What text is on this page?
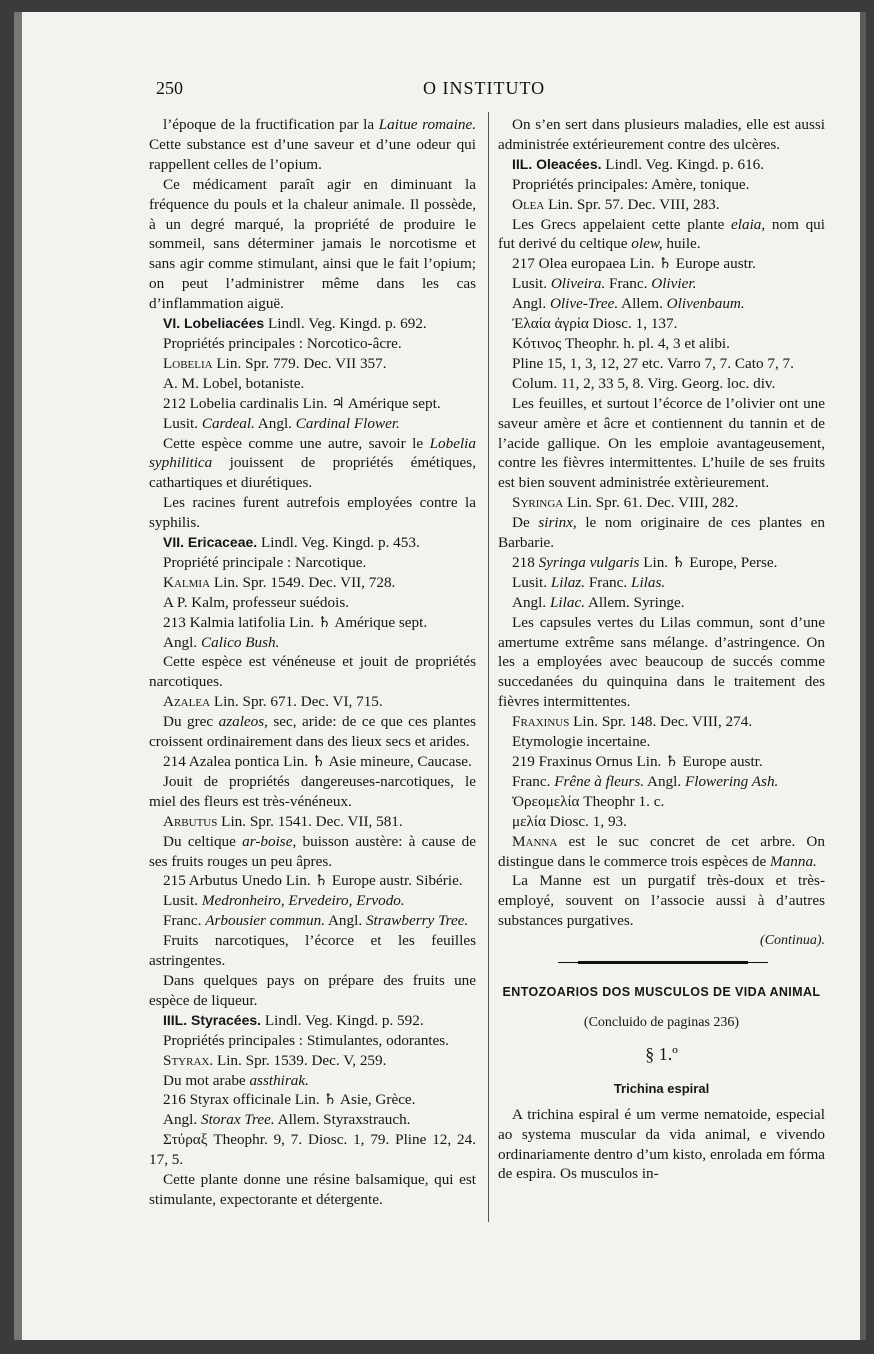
250	O INSTITUTO

l’époque de la fructification par la Laitue romaine. Cette substance est d’une saveur et d’une odeur qui rappellent celles de l’opium.

Ce médicament paraît agir en diminuant la fréquence du pouls et la chaleur animale. Il possède, à un degré marqué, la propriété de produire le sommeil, sans déterminer jamais le norcotisme et sans agir comme stimulant, ainsi que le fait l’opium; on peut l’administrer même dans les cas d’inflammation aiguë.

VI. Lobeliacées Lindl. Veg. Kingd. p. 692.

Propriétés principales : Norcotico-âcre.

Lobelia Lin. Spr. 779. Dec. VII 357.

A. M. Lobel, botaniste.

212 Lobelia cardinalis Lin. ♃ Amérique sept.

Lusit. Cardeal. Angl. Cardinal Flower.

Cette espèce comme une autre, savoir le Lobelia syphilitica jouissent de propriétés émétiques, cathartiques et diurétiques.

Les racines furent autrefois employées contre la syphilis.

VII. Ericaceae. Lindl. Veg. Kingd. p. 453.

Propriété principale : Narcotique.

Kalmia Lin. Spr. 1549. Dec. VII, 728.

A P. Kalm, professeur suédois.

213 Kalmia latifolia Lin. ♄ Amérique sept.

Angl. Calico Bush.

Cette espèce est vénéneuse et jouit de propriétés narcotiques.

Azalea Lin. Spr. 671. Dec. VI, 715.

Du grec azaleos, sec, aride: de ce que ces plantes croissent ordinairement dans des lieux secs et arides.

214 Azalea pontica Lin. ♄ Asie mineure, Caucase.

Jouit de propriétés dangereuses-narcotiques, le miel des fleurs est très-vénéneux.

Arbutus Lin. Spr. 1541. Dec. VII, 581.

Du celtique ar-boise, buisson austère: à cause de ses fruits rouges un peu âpres.

215 Arbutus Unedo Lin. ♄ Europe austr. Sibérie.

Lusit. Medronheiro, Ervedeiro, Ervodo.

Franc. Arbousier commun. Angl. Strawberry Tree.

Fruits narcotiques, l’écorce et les feuilles astringentes.

Dans quelques pays on prépare des fruits une espèce de liqueur.

IIIL. Styracées. Lindl. Veg. Kingd. p. 592.

Propriétés principales : Stimulantes, odorantes.

Styrax. Lin. Spr. 1539. Dec. V, 259.

Du mot arabe assthirak.

216 Styrax officinale Lin. ♄ Asie, Grèce.

Angl. Storax Tree. Allem. Styraxstrauch.

Στύραξ Theophr. 9, 7. Diosc. 1, 79. Pline 12, 24. 17, 5.

Cette plante donne une résine balsamique, qui est stimulante, expectorante et détergente.

On s’en sert dans plusieurs maladies, elle est aussi administrée extérieurement contre des ulcères.

IIL. Oleacées. Lindl. Veg. Kingd. p. 616.

Propriétés principales: Amère, tonique.

Olea Lin. Spr. 57. Dec. VIII, 283.

Les Grecs appelaient cette plante elaia, nom qui fut derivé du celtique olew, huile.

217 Olea europaea Lin. ♄ Europe austr.

Lusit. Oliveira. Franc. Olivier.

Angl. Olive-Tree. Allem. Olivenbaum.

Ἐλαία ἀγρία Diosc. 1, 137.

Κότινος Theophr. h. pl. 4, 3 et alibi.

Pline 15, 1, 3, 12, 27 etc. Varro 7, 7. Cato 7, 7.

Colum. 11, 2, 33 5, 8. Virg. Georg. loc. div.

Les feuilles, et surtout l’écorce de l’olivier ont une saveur amère et âcre et contiennent du tannin et de l’acide gallique. On les emploie avantageusement, contre les fièvres intermittentes. L’huile de ses fruits est bien souvent administrée extèrieurement.

Syringa Lin. Spr. 61. Dec. VIII, 282.

De sirinx, le nom originaire de ces plantes en Barbarie.

218 Syringa vulgaris Lin. ♄ Europe, Perse.

Lusit. Lilaz. Franc. Lilas.

Angl. Lilac. Allem. Syringe.

Les capsules vertes du Lilas commun, sont d’une amertume extrême sans mélange. d’astringence. On les a employées avec beaucoup de succés comme succedanées du quinquina dans le traitement des fièvres intermittentes.

Fraxinus Lin. Spr. 148. Dec. VIII, 274.

Etymologie incertaine.

219 Fraxinus Ornus Lin. ♄ Europe austr.

Franc. Frêne à fleurs. Angl. Flowering Ash.

Ὀρεομελία Theophr 1. c.

μελία Diosc. 1, 93.

Manna est le suc concret de cet arbre. On distingue dans le commerce trois espèces de Manna.

La Manne est un purgatif très-doux et très-employé, souvent on l’associe aussi à d’autres substances purgatives.

(Continua).

ENTOZOARIOS DOS MUSCULOS DE VIDA ANIMAL

(Concluido de paginas 236)

§ 1.º

Trichina espiral

A trichina espiral é um verme nematoide, especial ao systema muscular da vida animal, e vivendo ordinariamente dentro d’um kisto, enrolada em fórma de espira. Os musculos in-
